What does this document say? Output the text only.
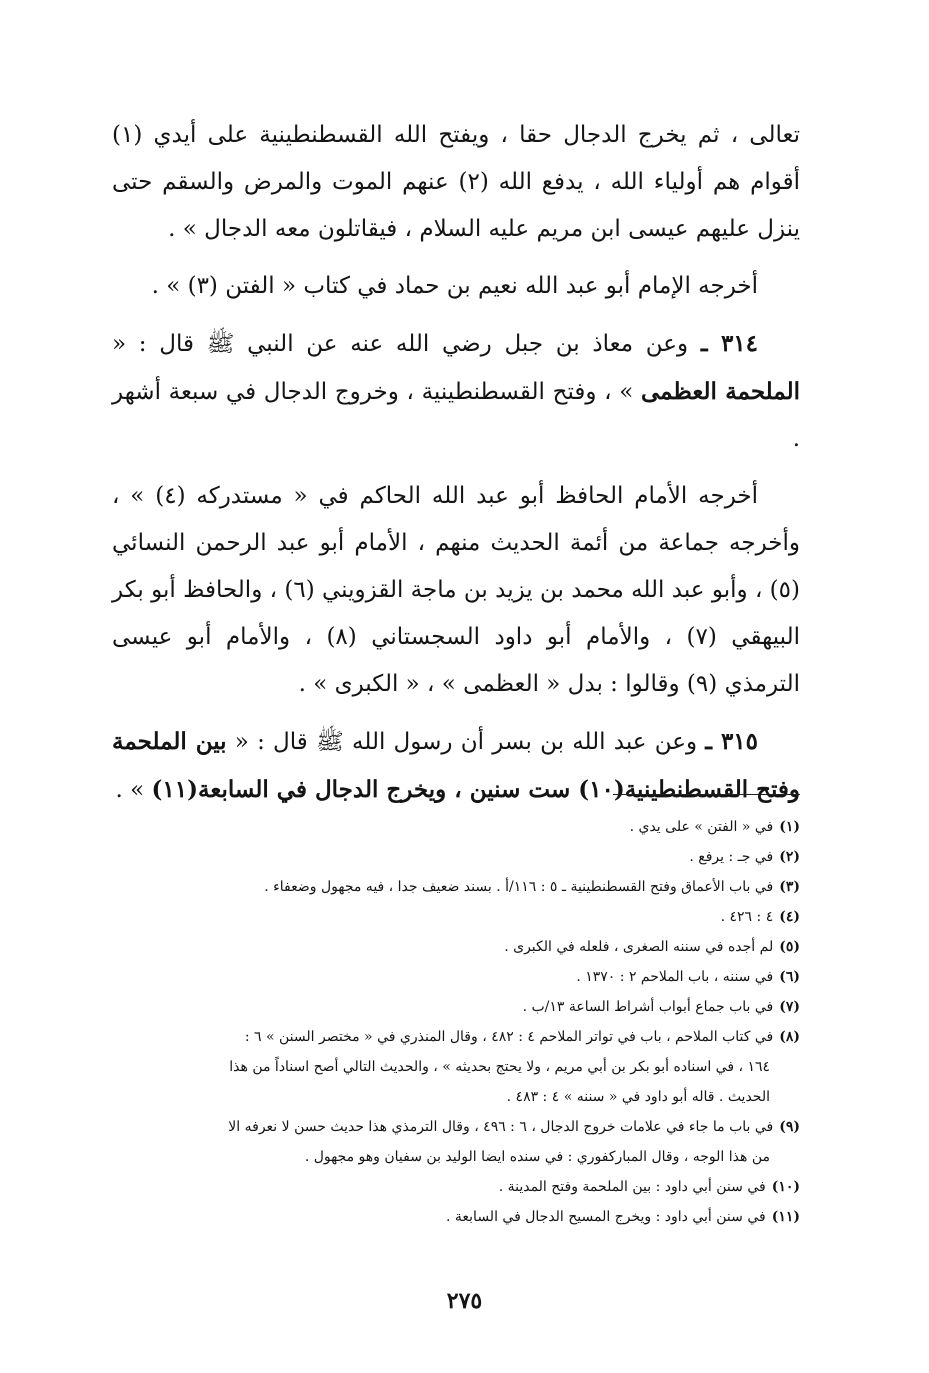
تعالى ، ثم يخرج الدجال حقا ، ويفتح الله القسطنطينية على أيدي (١) أقوام هم أولياء الله ، يدفع الله (٢) عنهم الموت والمرض والسقم حتى ينزل عليهم عيسى ابن مريم عليه السلام ، فيقاتلون معه الدجال » .

أخرجه الإمام أبو عبد الله نعيم بن حماد في كتاب « الفتن (٣) » .

٣١٤ ـ وعن معاذ بن جبل رضي الله عنه عن النبي ﷺ قال : « الملحمة العظمى » ، وفتح القسطنطينية ، وخروج الدجال في سبعة أشهر .

أخرجه الأمام الحافظ أبو عبد الله الحاكم في « مستدركه (٤) » ، وأخرجه جماعة من أئمة الحديث منهم ، الأمام أبو عبد الرحمن النسائي (٥) ، وأبو عبد الله محمد بن يزيد بن ماجة القزويني (٦) ، والحافظ أبو بكر البيهقي (٧) ، والأمام أبو داود السجستاني (٨) ، والأمام أبو عيسى الترمذي (٩) وقالوا : بدل « العظمى » ، « الكبرى » .

٣١٥ ـ وعن عبد الله بن بسر أن رسول الله ﷺ قال : « بين الملحمة وفتح القسطنطينية(١٠) ست سنين ، ويخرج الدجال في السابعة(١١) » .

(١)في « الفتن » على يدي .

(٢)في جـ : يرفع .

(٣)في باب الأعماق وفتح القسطنطينية ـ ٥ : ١١٦/أ . بسند ضعيف جدا ، فيه مجهول وضعفاء .

(٤)٤ : ٤٢٦ .

(٥)لم أجده في سننه الصغرى ، فلعله في الكبرى .

(٦)في سننه ، باب الملاحم ٢ : ١٣٧٠ .

(٧)في باب جماع أبواب أشراط الساعة ١٣/ب .

(٨)في كتاب الملاحم ، باب في تواتر الملاحم ٤ : ٤٨٢ ، وقال المنذري في « مختصر السنن » ٦ :
١٦٤ ، في اسناده أبو بكر بن أبي مريم ، ولا يحتج بحديثه » ، والحديث التالي أصح اسناداً من هذا
الحديث . قاله أبو داود في « سننه » ٤ : ٤٨٣ .

(٩)في باب ما جاء في علامات خروج الدجال ، ٦ : ٤٩٦ ، وقال الترمذي هذا حديث حسن لا نعرفه الا
من هذا الوجه ، وقال المباركفوري : في سنده ايضا الوليد بن سفيان وهو مجهول .

(١٠)في سنن أبي داود : بين الملحمة وفتح المدينة .

(١١)في سنن أبي داود : ويخرج المسيح الدجال في السابعة .

٢٧٥
